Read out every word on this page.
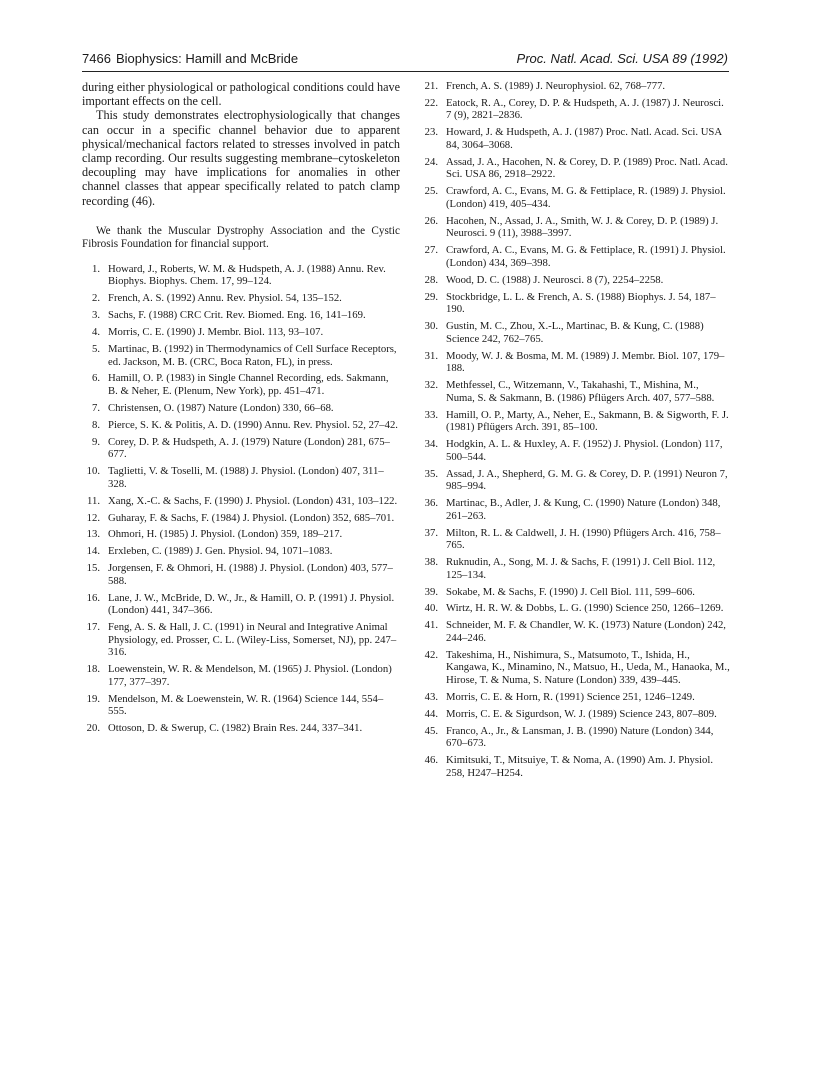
7466 Biophysics: Hamill and McBride	Proc. Natl. Acad. Sci. USA 89 (1992)

during either physiological or pathological conditions could have important effects on the cell.

This study demonstrates electrophysiologically that changes can occur in a specific channel behavior due to apparent physical/mechanical factors related to stresses involved in patch clamp recording. Our results suggesting membrane–cytoskeleton decoupling may have implications for anomalies in other channel classes that appear specifically related to patch clamp recording (46).

We thank the Muscular Dystrophy Association and the Cystic Fibrosis Foundation for financial support.

1. Howard, J., Roberts, W. M. & Hudspeth, A. J. (1988) Annu. Rev. Biophys. Biophys. Chem. 17, 99–124.
2. French, A. S. (1992) Annu. Rev. Physiol. 54, 135–152.
3. Sachs, F. (1988) CRC Crit. Rev. Biomed. Eng. 16, 141–169.
4. Morris, C. E. (1990) J. Membr. Biol. 113, 93–107.
5. Martinac, B. (1992) in Thermodynamics of Cell Surface Receptors, ed. Jackson, M. B. (CRC, Boca Raton, FL), in press.
6. Hamill, O. P. (1983) in Single Channel Recording, eds. Sakmann, B. & Neher, E. (Plenum, New York), pp. 451–471.
7. Christensen, O. (1987) Nature (London) 330, 66–68.
8. Pierce, S. K. & Politis, A. D. (1990) Annu. Rev. Physiol. 52, 27–42.
9. Corey, D. P. & Hudspeth, A. J. (1979) Nature (London) 281, 675–677.
10. Taglietti, V. & Toselli, M. (1988) J. Physiol. (London) 407, 311–328.
11. Xang, X.-C. & Sachs, F. (1990) J. Physiol. (London) 431, 103–122.
12. Guharay, F. & Sachs, F. (1984) J. Physiol. (London) 352, 685–701.
13. Ohmori, H. (1985) J. Physiol. (London) 359, 189–217.
14. Erxleben, C. (1989) J. Gen. Physiol. 94, 1071–1083.
15. Jorgensen, F. & Ohmori, H. (1988) J. Physiol. (London) 403, 577–588.
16. Lane, J. W., McBride, D. W., Jr., & Hamill, O. P. (1991) J. Physiol. (London) 441, 347–366.
17. Feng, A. S. & Hall, J. C. (1991) in Neural and Integrative Animal Physiology, ed. Prosser, C. L. (Wiley-Liss, Somerset, NJ), pp. 247–316.
18. Loewenstein, W. R. & Mendelson, M. (1965) J. Physiol. (London) 177, 377–397.
19. Mendelson, M. & Loewenstein, W. R. (1964) Science 144, 554–555.
20. Ottoson, D. & Swerup, C. (1982) Brain Res. 244, 337–341.
21. French, A. S. (1989) J. Neurophysiol. 62, 768–777.
22. Eatock, R. A., Corey, D. P. & Hudspeth, A. J. (1987) J. Neurosci. 7 (9), 2821–2836.
23. Howard, J. & Hudspeth, A. J. (1987) Proc. Natl. Acad. Sci. USA 84, 3064–3068.
24. Assad, J. A., Hacohen, N. & Corey, D. P. (1989) Proc. Natl. Acad. Sci. USA 86, 2918–2922.
25. Crawford, A. C., Evans, M. G. & Fettiplace, R. (1989) J. Physiol. (London) 419, 405–434.
26. Hacohen, N., Assad, J. A., Smith, W. J. & Corey, D. P. (1989) J. Neurosci. 9 (11), 3988–3997.
27. Crawford, A. C., Evans, M. G. & Fettiplace, R. (1991) J. Physiol. (London) 434, 369–398.
28. Wood, D. C. (1988) J. Neurosci. 8 (7), 2254–2258.
29. Stockbridge, L. L. & French, A. S. (1988) Biophys. J. 54, 187–190.
30. Gustin, M. C., Zhou, X.-L., Martinac, B. & Kung, C. (1988) Science 242, 762–765.
31. Moody, W. J. & Bosma, M. M. (1989) J. Membr. Biol. 107, 179–188.
32. Methfessel, C., Witzemann, V., Takahashi, T., Mishina, M., Numa, S. & Sakmann, B. (1986) Pflügers Arch. 407, 577–588.
33. Hamill, O. P., Marty, A., Neher, E., Sakmann, B. & Sigworth, F. J. (1981) Pflügers Arch. 391, 85–100.
34. Hodgkin, A. L. & Huxley, A. F. (1952) J. Physiol. (London) 117, 500–544.
35. Assad, J. A., Shepherd, G. M. G. & Corey, D. P. (1991) Neuron 7, 985–994.
36. Martinac, B., Adler, J. & Kung, C. (1990) Nature (London) 348, 261–263.
37. Milton, R. L. & Caldwell, J. H. (1990) Pflügers Arch. 416, 758–765.
38. Ruknudin, A., Song, M. J. & Sachs, F. (1991) J. Cell Biol. 112, 125–134.
39. Sokabe, M. & Sachs, F. (1990) J. Cell Biol. 111, 599–606.
40. Wirtz, H. R. W. & Dobbs, L. G. (1990) Science 250, 1266–1269.
41. Schneider, M. F. & Chandler, W. K. (1973) Nature (London) 242, 244–246.
42. Takeshima, H., Nishimura, S., Matsumoto, T., Ishida, H., Kangawa, K., Minamino, N., Matsuo, H., Ueda, M., Hanaoka, M., Hirose, T. & Numa, S. Nature (London) 339, 439–445.
43. Morris, C. E. & Horn, R. (1991) Science 251, 1246–1249.
44. Morris, C. E. & Sigurdson, W. J. (1989) Science 243, 807–809.
45. Franco, A., Jr., & Lansman, J. B. (1990) Nature (London) 344, 670–673.
46. Kimitsuki, T., Mitsuiye, T. & Noma, A. (1990) Am. J. Physiol. 258, H247–H254.
